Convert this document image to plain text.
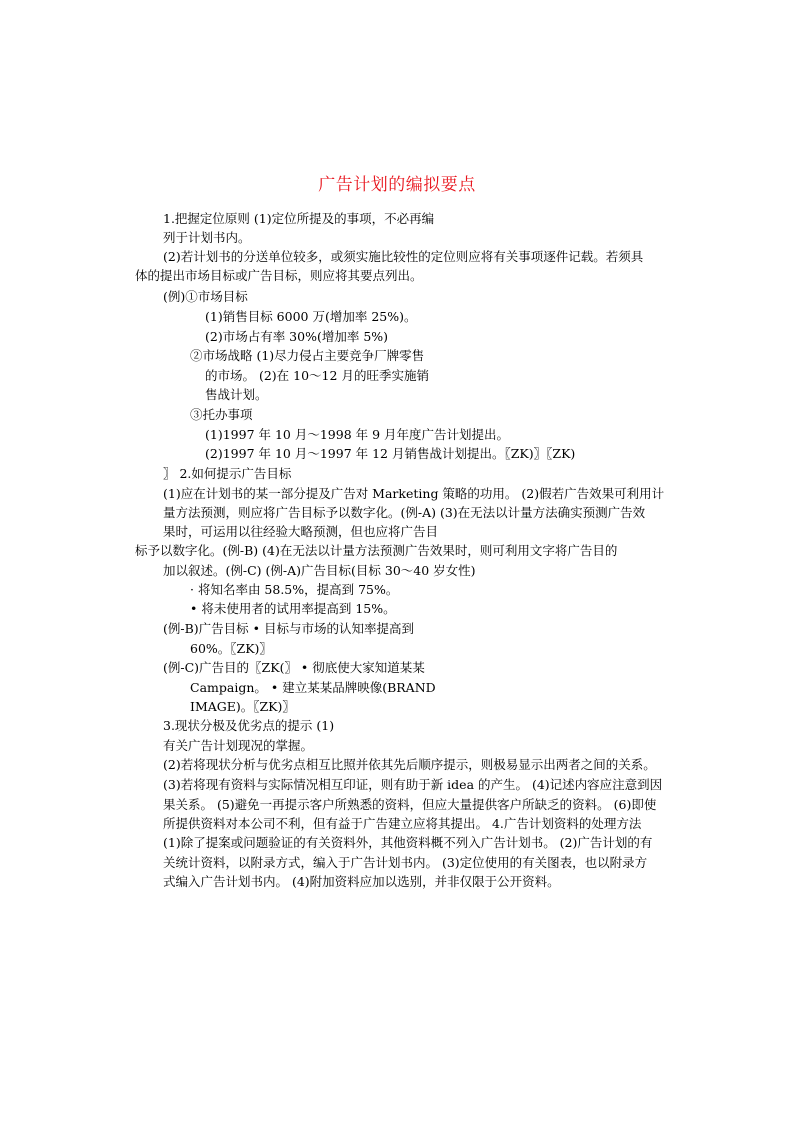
广告计划的编拟要点
1.把握定位原则 (1)定位所提及的事项，不必再编
列于计划书内。
(2)若计划书的分送单位较多，或须实施比较性的定位则应将有关事项逐件记载。若须具
体的提出市场目标或广告目标，则应将其要点列出。
(例)①市场目标
(1)销售目标 6000 万(增加率 25%)。
(2)市场占有率 30%(增加率 5%)
②市场战略 (1)尽力侵占主要竞争厂牌零售
的市场。 (2)在 10～12 月的旺季实施销
售战计划。
③托办事项
(1)1997 年 10 月～1998 年 9 月年度广告计划提出。
(2)1997 年 10 月～1997 年 12 月销售战计划提出。〖ZK)〗〖ZK)
〗 2.如何提示广告目标
(1)应在计划书的某一部分提及广告对 Marketing 策略的功用。 (2)假若广告效果可利用计
量方法预测，则应将广告目标予以数字化。(例-A) (3)在无法以计量方法确实预测广告效
果时，可运用以往经验大略预测，但也应将广告目
标予以数字化。(例-B) (4)在无法以计量方法预测广告效果时，则可利用文字将广告目的
加以叙述。(例-C) (例-A)广告目标(目标 30～40 岁女性)
· 将知名率由 58.5%，提高到 75%。
• 将未使用者的试用率提高到 15%。
(例-B)广告目标 • 目标与市场的认知率提高到
60%。〖ZK)〗
(例-C)广告目的〖ZK(〗 • 彻底使大家知道某某
Campaign。 • 建立某某品牌映像(BRAND
IMAGE)。〖ZK)〗
3.现状分极及优劣点的提示 (1)
有关广告计划现况的掌握。
(2)若将现状分析与优劣点相互比照并依其先后顺序提示，则极易显示出两者之间的关系。
(3)若将现有资料与实际情况相互印证，则有助于新 idea 的产生。 (4)记述内容应注意到因
果关系。 (5)避免一再提示客户所熟悉的资料，但应大量提供客户所缺乏的资料。 (6)即使
所提供资料对本公司不利，但有益于广告建立应将其提出。 4.广告计划资料的处理方法
(1)除了提案或问题验证的有关资料外，其他资料概不列入广告计划书。 (2)广告计划的有
关统计资料，以附录方式，编入于广告计划书内。 (3)定位使用的有关图表，也以附录方
式编入广告计划书内。 (4)附加资料应加以选别，并非仅限于公开资料。
